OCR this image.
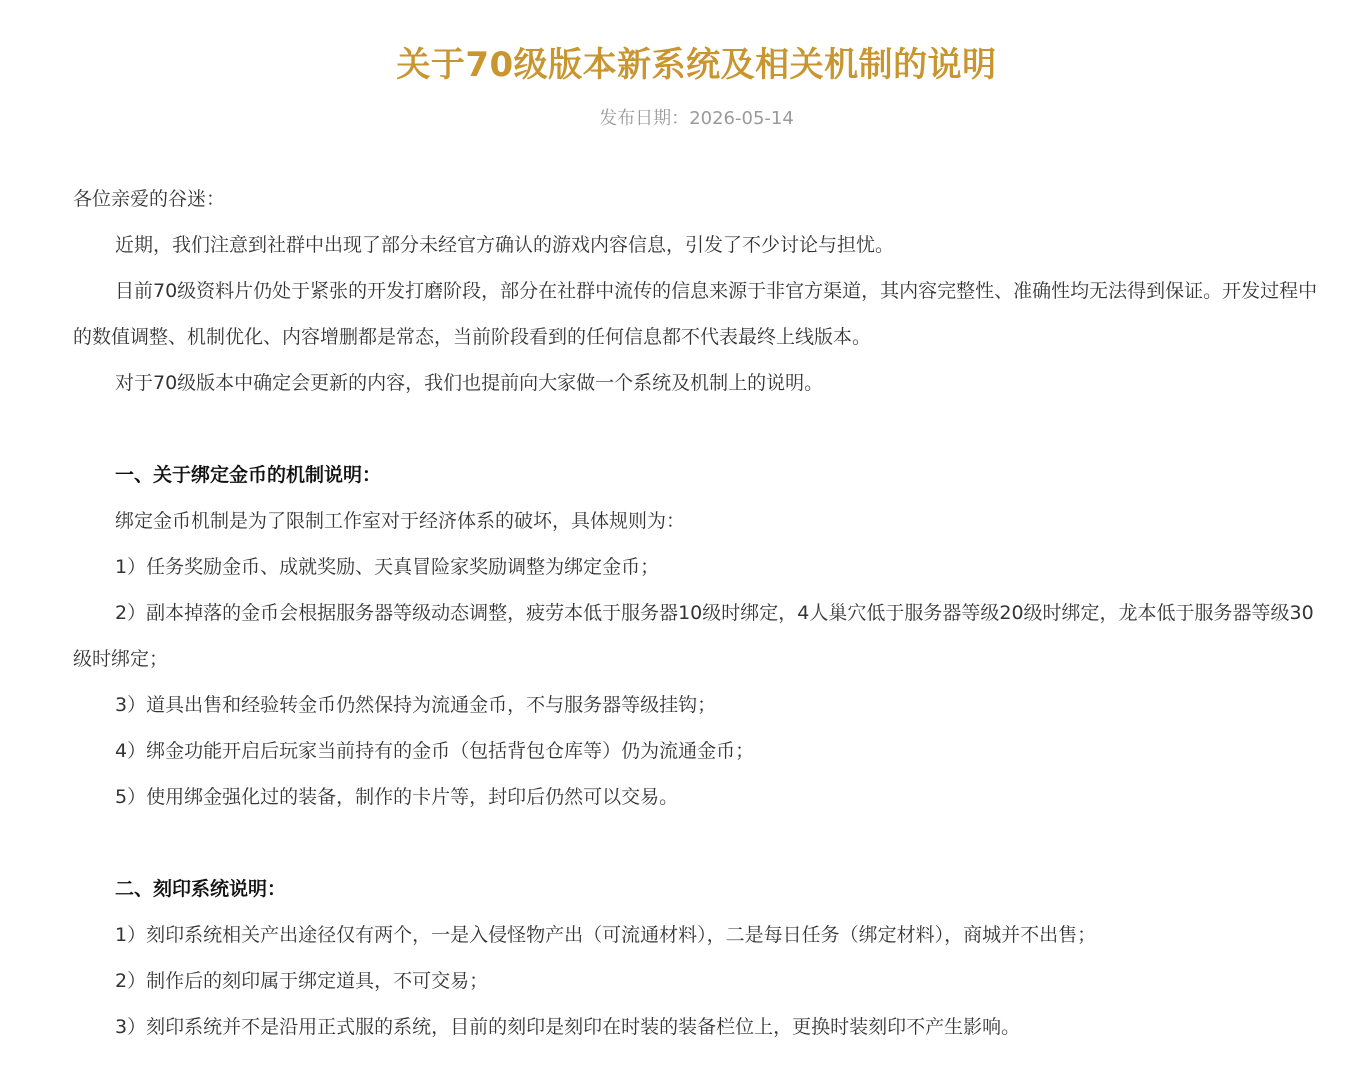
关于70级版本新系统及相关机制的说明
发布日期：2026-05-14

各位亲爱的谷迷：

近期，我们注意到社群中出现了部分未经官方确认的游戏内容信息，引发了不少讨论与担忧。

目前70级资料片仍处于紧张的开发打磨阶段，部分在社群中流传的信息来源于非官方渠道，其内容完整性、准确性均无法得到保证。开发过程中的数值调整、机制优化、内容增删都是常态，当前阶段看到的任何信息都不代表最终上线版本。

对于70级版本中确定会更新的内容，我们也提前向大家做一个系统及机制上的说明。

一、关于绑定金币的机制说明：

绑定金币机制是为了限制工作室对于经济体系的破坏，具体规则为：

1）任务奖励金币、成就奖励、天真冒险家奖励调整为绑定金币；

2）副本掉落的金币会根据服务器等级动态调整，疲劳本低于服务器10级时绑定，4人巢穴低于服务器等级20级时绑定，龙本低于服务器等级30级时绑定；

3）道具出售和经验转金币仍然保持为流通金币，不与服务器等级挂钩；

4）绑金功能开启后玩家当前持有的金币（包括背包仓库等）仍为流通金币；

5）使用绑金强化过的装备，制作的卡片等，封印后仍然可以交易。

二、刻印系统说明：

1）刻印系统相关产出途径仅有两个，一是入侵怪物产出（可流通材料），二是每日任务（绑定材料），商城并不出售；

2）制作后的刻印属于绑定道具，不可交易；

3）刻印系统并不是沿用正式服的系统，目前的刻印是刻印在时装的装备栏位上，更换时装刻印不产生影响。
